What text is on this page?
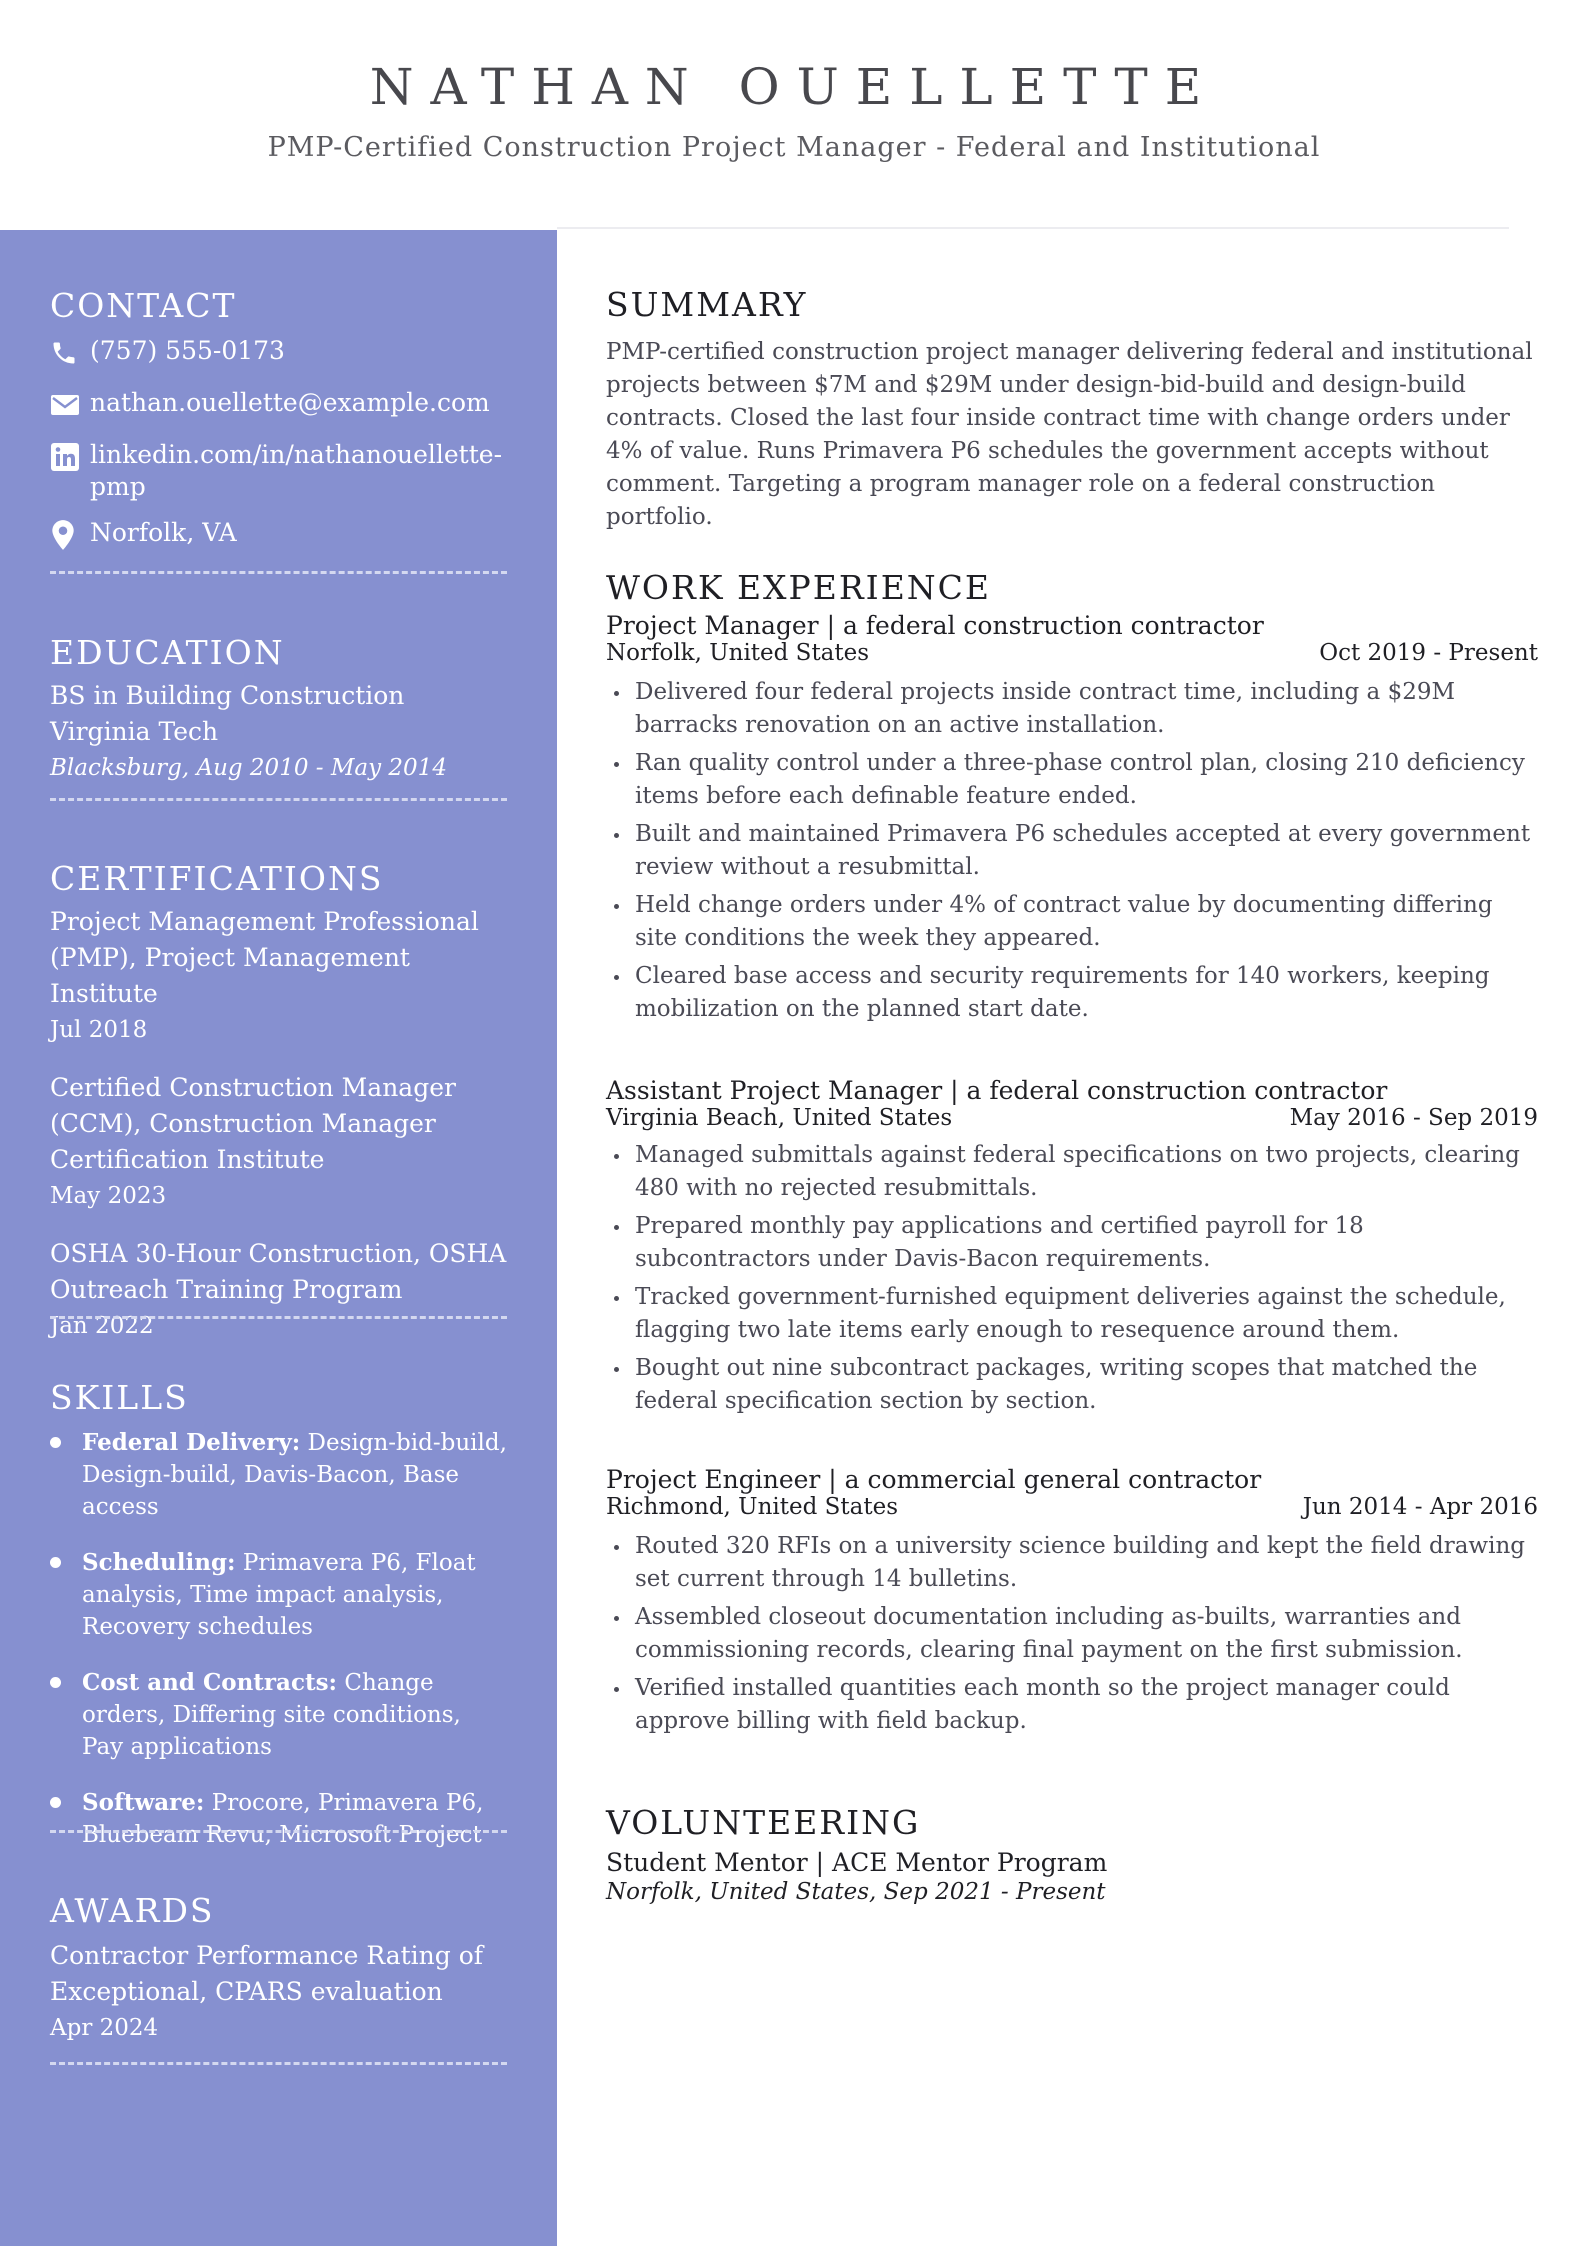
NATHAN OUELLETTE
PMP-Certified Construction Project Manager - Federal and Institutional
CONTACT
(757) 555-0173
nathan.ouellette@example.com
linkedin.com/in/nathanouellette-
pmp
Norfolk, VA
EDUCATION
BS in Building Construction
Virginia Tech
Blacksburg, Aug 2010 - May 2014
CERTIFICATIONS
Project Management Professional (PMP), Project Management Institute
Jul 2018
Certified Construction Manager (CCM), Construction Manager Certification Institute
May 2023
OSHA 30-Hour Construction, OSHA Outreach Training Program
Jan 2022
SKILLS
Federal Delivery: Design-bid-build, Design-build, Davis-Bacon, Base access
Scheduling: Primavera P6, Float analysis, Time impact analysis, Recovery schedules
Cost and Contracts: Change orders, Differing site conditions, Pay applications
Software: Procore, Primavera P6, Bluebeam Revu, Microsoft Project
AWARDS
Contractor Performance Rating of Exceptional, CPARS evaluation
Apr 2024
SUMMARY
PMP-certified construction project manager delivering federal and institutional projects between $7M and $29M under design-bid-build and design-build contracts. Closed the last four inside contract time with change orders under 4% of value. Runs Primavera P6 schedules the government accepts without comment. Targeting a program manager role on a federal construction portfolio.
WORK EXPERIENCE
Project Manager | a federal construction contractor
Norfolk, United States	Oct 2019 - Present
Delivered four federal projects inside contract time, including a $29M barracks renovation on an active installation.
Ran quality control under a three-phase control plan, closing 210 deficiency items before each definable feature ended.
Built and maintained Primavera P6 schedules accepted at every government review without a resubmittal.
Held change orders under 4% of contract value by documenting differing site conditions the week they appeared.
Cleared base access and security requirements for 140 workers, keeping mobilization on the planned start date.
Assistant Project Manager | a federal construction contractor
Virginia Beach, United States	May 2016 - Sep 2019
Managed submittals against federal specifications on two projects, clearing 480 with no rejected resubmittals.
Prepared monthly pay applications and certified payroll for 18 subcontractors under Davis-Bacon requirements.
Tracked government-furnished equipment deliveries against the schedule, flagging two late items early enough to resequence around them.
Bought out nine subcontract packages, writing scopes that matched the federal specification section by section.
Project Engineer | a commercial general contractor
Richmond, United States	Jun 2014 - Apr 2016
Routed 320 RFIs on a university science building and kept the field drawing set current through 14 bulletins.
Assembled closeout documentation including as-builts, warranties and commissioning records, clearing final payment on the first submission.
Verified installed quantities each month so the project manager could approve billing with field backup.
VOLUNTEERING
Student Mentor | ACE Mentor Program
Norfolk, United States, Sep 2021 - Present
